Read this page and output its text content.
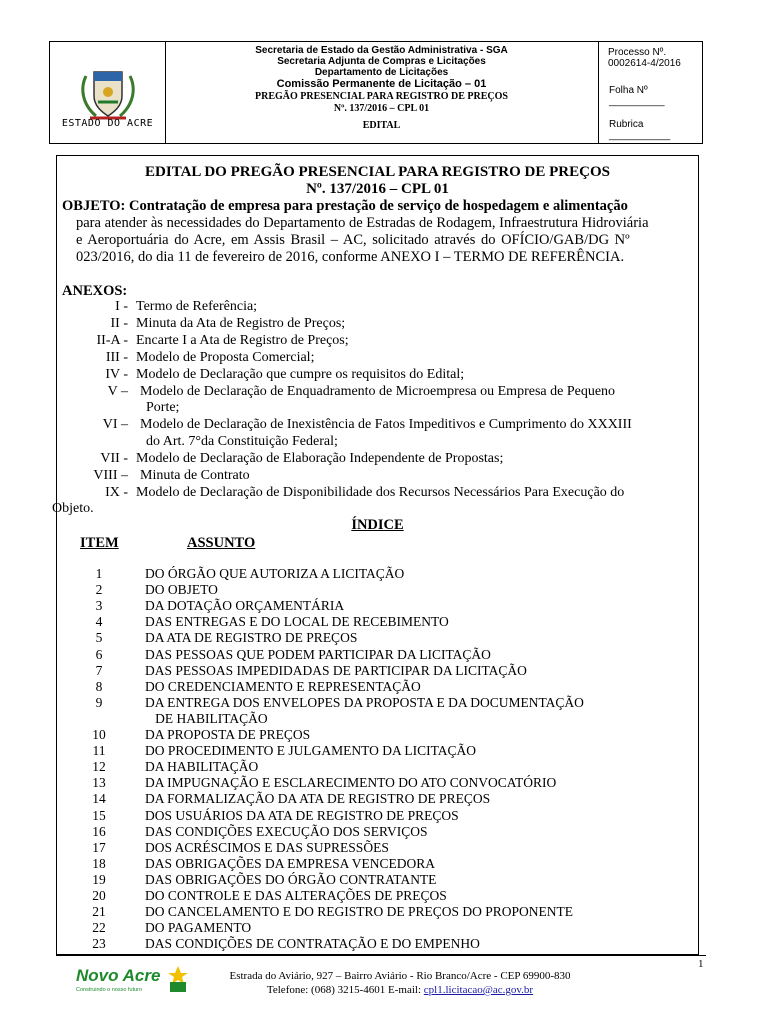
ESTADO DO ACRE
Secretaria de Estado da Gestão Administrativa - SGA
Secretaria Adjunta de Compras e Licitações
Departamento de Licitações
Comissão Permanente de Licitação – 01
PREGÃO PRESENCIAL PARA REGISTRO DE PREÇOS
Nº. 137/2016 – CPL 01
EDITAL
Processo Nº. 0002614-4/2016
Folha Nº __________
Rubrica ___________
EDITAL DO PREGÃO PRESENCIAL PARA REGISTRO DE PREÇOS
Nº. 137/2016 – CPL 01
OBJETO: Contratação de empresa para prestação de serviço de hospedagem e alimentação
para atender às necessidades do Departamento de Estradas de Rodagem, Infraestrutura Hidroviária
e Aeroportuária do Acre, em Assis Brasil – AC, solicitado através do OFÍCIO/GAB/DG Nº
023/2016, do dia 11 de fevereiro de 2016, conforme ANEXO I – TERMO DE REFERÊNCIA.
ANEXOS:
I - Termo de Referência;
II - Minuta da Ata de Registro de Preços;
II-A - Encarte I a Ata de Registro de Preços;
III - Modelo de Proposta Comercial;
IV - Modelo de Declaração que cumpre os requisitos do Edital;
V – Modelo de Declaração de Enquadramento de Microempresa ou Empresa de Pequeno
Porte;
VI – Modelo de Declaração de Inexistência de Fatos Impeditivos e Cumprimento do XXXIII
do Art. 7°da Constituição Federal;
VII - Modelo de Declaração de Elaboração Independente de Propostas;
VIII – Minuta de Contrato
IX - Modelo de Declaração de Disponibilidade dos Recursos Necessários Para Execução do
Objeto.
ÍNDICE
ITEM	ASSUNTO
1	DO ÓRGÃO QUE AUTORIZA A LICITAÇÃO
2	DO OBJETO
3	DA DOTAÇÃO ORÇAMENTÁRIA
4	DAS ENTREGAS E DO LOCAL DE RECEBIMENTO
5	DA ATA DE REGISTRO DE PREÇOS
6	DAS PESSOAS QUE PODEM PARTICIPAR DA LICITAÇÃO
7	DAS PESSOAS IMPEDIDADAS DE PARTICIPAR DA LICITAÇÃO
8	DO CREDENCIAMENTO E REPRESENTAÇÃO
9	DA ENTREGA DOS ENVELOPES DA PROPOSTA E DA DOCUMENTAÇÃO
DE HABILITAÇÃO
10	DA PROPOSTA DE PREÇOS
11	DO PROCEDIMENTO E JULGAMENTO DA LICITAÇÃO
12	DA HABILITAÇÃO
13	DA IMPUGNAÇÃO E ESCLARECIMENTO DO ATO CONVOCATÓRIO
14	DA FORMALIZAÇÃO DA ATA DE REGISTRO DE PREÇOS
15	DOS USUÁRIOS DA ATA DE REGISTRO DE PREÇOS
16	DAS CONDIÇÕES EXECUÇÃO DOS SERVIÇOS
17	DOS ACRÉSCIMOS E DAS SUPRESSÕES
18	DAS OBRIGAÇÕES DA EMPRESA VENCEDORA
19	DAS OBRIGAÇÕES DO ÓRGÃO CONTRATANTE
20	DO CONTROLE E DAS ALTERAÇÕES DE PREÇOS
21	DO CANCELAMENTO E DO REGISTRO DE PREÇOS DO PROPONENTE
22	DO PAGAMENTO
23	DAS CONDIÇÕES DE CONTRATAÇÃO E DO EMPENHO
1
Novo Acre
Construindo o nosso futuro
Estrada do Aviário, 927 – Bairro Aviário - Rio Branco/Acre - CEP 69900-830
Telefone: (068) 3215-4601 E-mail: cpl1.licitacao@ac.gov.br
